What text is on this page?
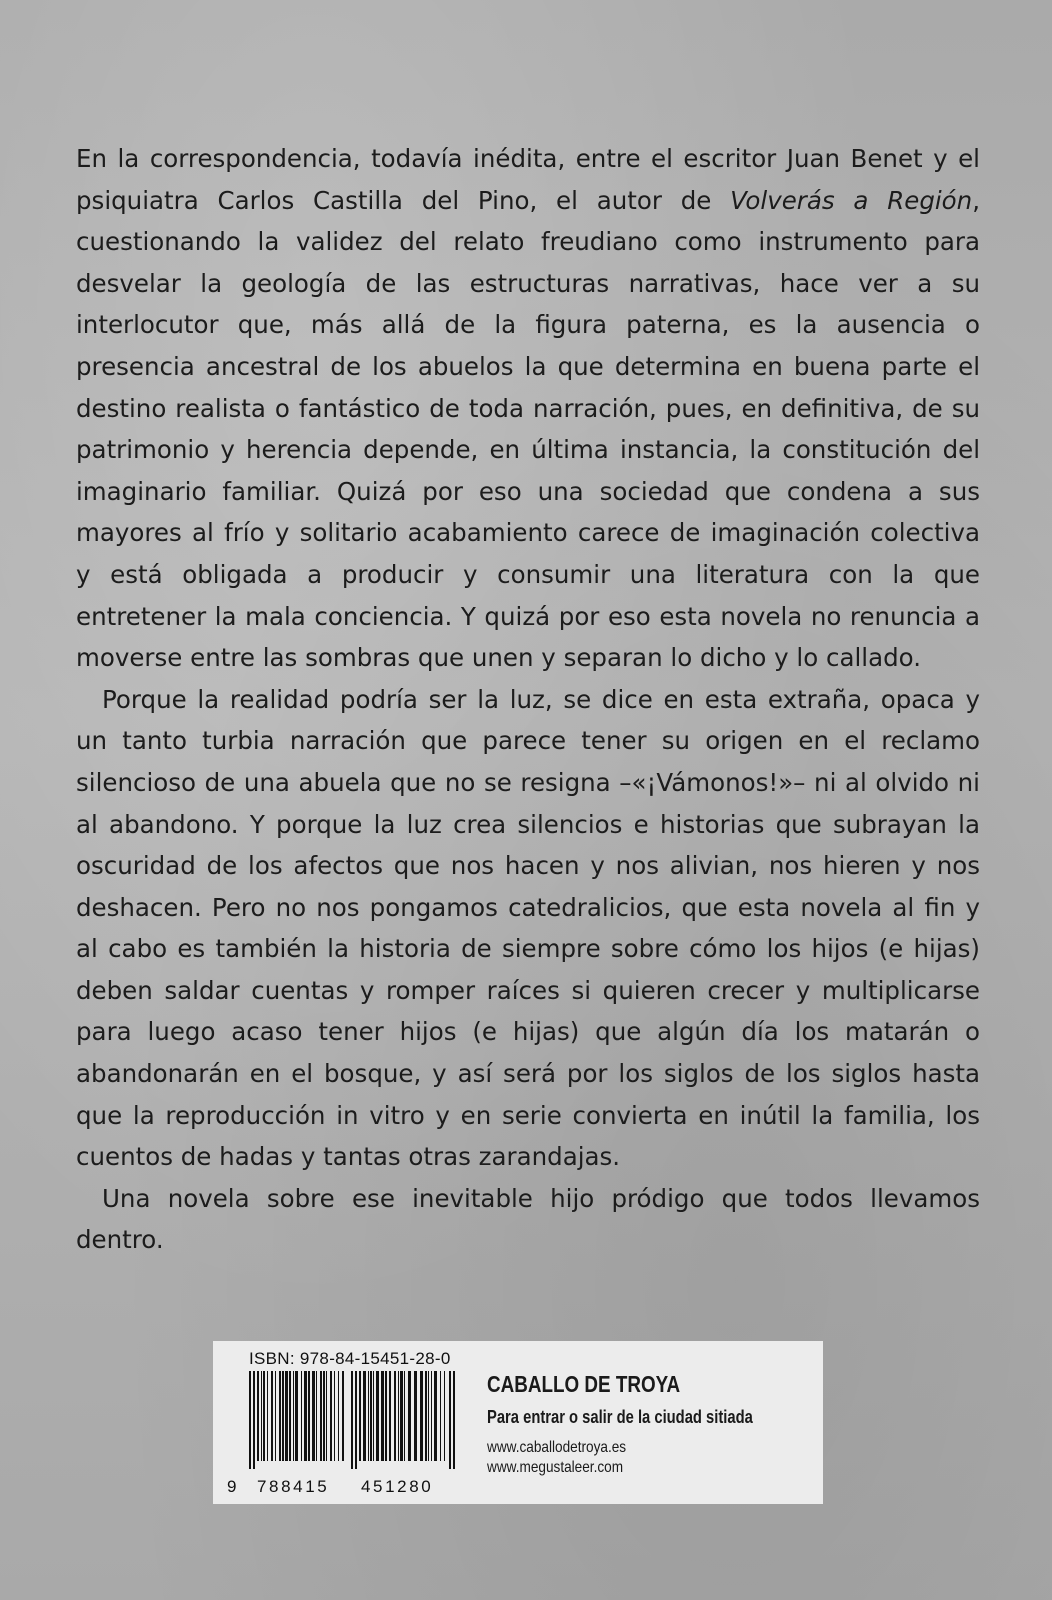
En la correspondencia, todavía inédita, entre el escritor Juan Benet y el psiquiatra Carlos Castilla del Pino, el autor de Volverás a Región, cuestionando la validez del relato freudiano como instrumento para desvelar la geología de las estructuras narrativas, hace ver a su interlocutor que, más allá de la figura paterna, es la ausencia o presencia ancestral de los abuelos la que determina en buena parte el destino realista o fantástico de toda narración, pues, en definitiva, de su patrimonio y herencia depende, en última instancia, la constitución del imaginario familiar. Quizá por eso una sociedad que condena a sus mayores al frío y solitario acabamiento carece de imaginación colectiva y está obligada a producir y consumir una literatura con la que entretener la mala conciencia. Y quizá por eso esta novela no renuncia a moverse entre las sombras que unen y separan lo dicho y lo callado.

Porque la realidad podría ser la luz, se dice en esta extraña, opaca y un tanto turbia narración que parece tener su origen en el reclamo silencioso de una abuela que no se resigna –«¡Vámonos!»– ni al olvido ni al abandono. Y porque la luz crea silencios e historias que subrayan la oscuridad de los afectos que nos hacen y nos alivian, nos hieren y nos deshacen. Pero no nos pongamos catedralicios, que esta novela al fin y al cabo es también la historia de siempre sobre cómo los hijos (e hijas) deben saldar cuentas y romper raíces si quieren crecer y multiplicarse para luego acaso tener hijos (e hijas) que algún día los matarán o abandonarán en el bosque, y así será por los siglos de los siglos hasta que la reproducción in vitro y en serie convierta en inútil la familia, los cuentos de hadas y tantas otras zarandajas.

Una novela sobre ese inevitable hijo pródigo que todos llevamos dentro.

ISBN: 978-84-15451-28-0
9 788415 451280
CABALLO DE TROYA
Para entrar o salir de la ciudad sitiada
www.caballodetroya.es
www.megustaleer.com
